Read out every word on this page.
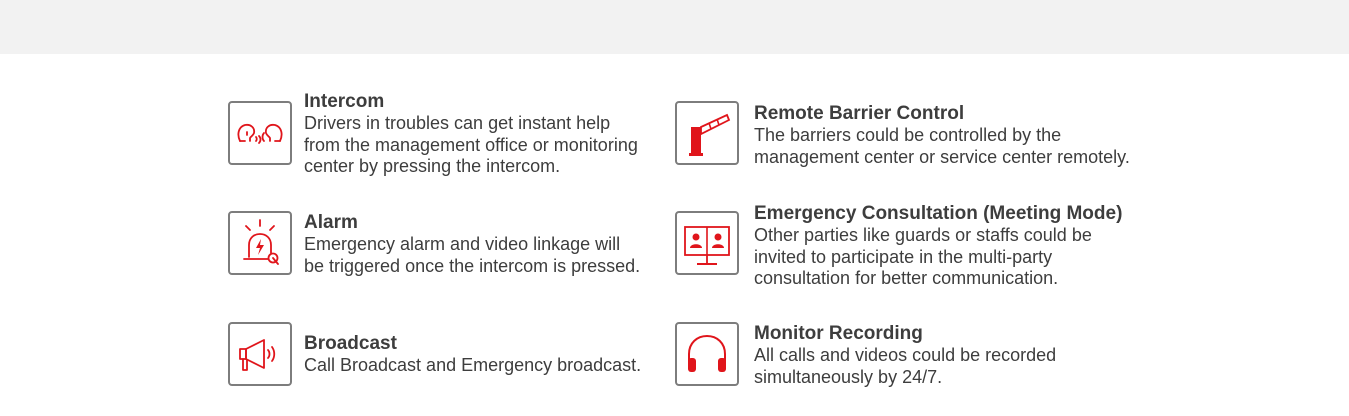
Intercom
Drivers in troubles can get instant help
from the management office or monitoring
center by pressing the intercom.
Remote Barrier Control
The barriers could be controlled by the
management center or service center remotely.
Alarm
Emergency alarm and video linkage will
be triggered once the intercom is pressed.
Emergency Consultation (Meeting Mode)
Other parties like guards or staffs could be
invited to participate in the multi-party
consultation for better communication.
Broadcast
Call Broadcast and Emergency broadcast.
Monitor Recording
All calls and videos could be recorded
simultaneously by 24/7.
